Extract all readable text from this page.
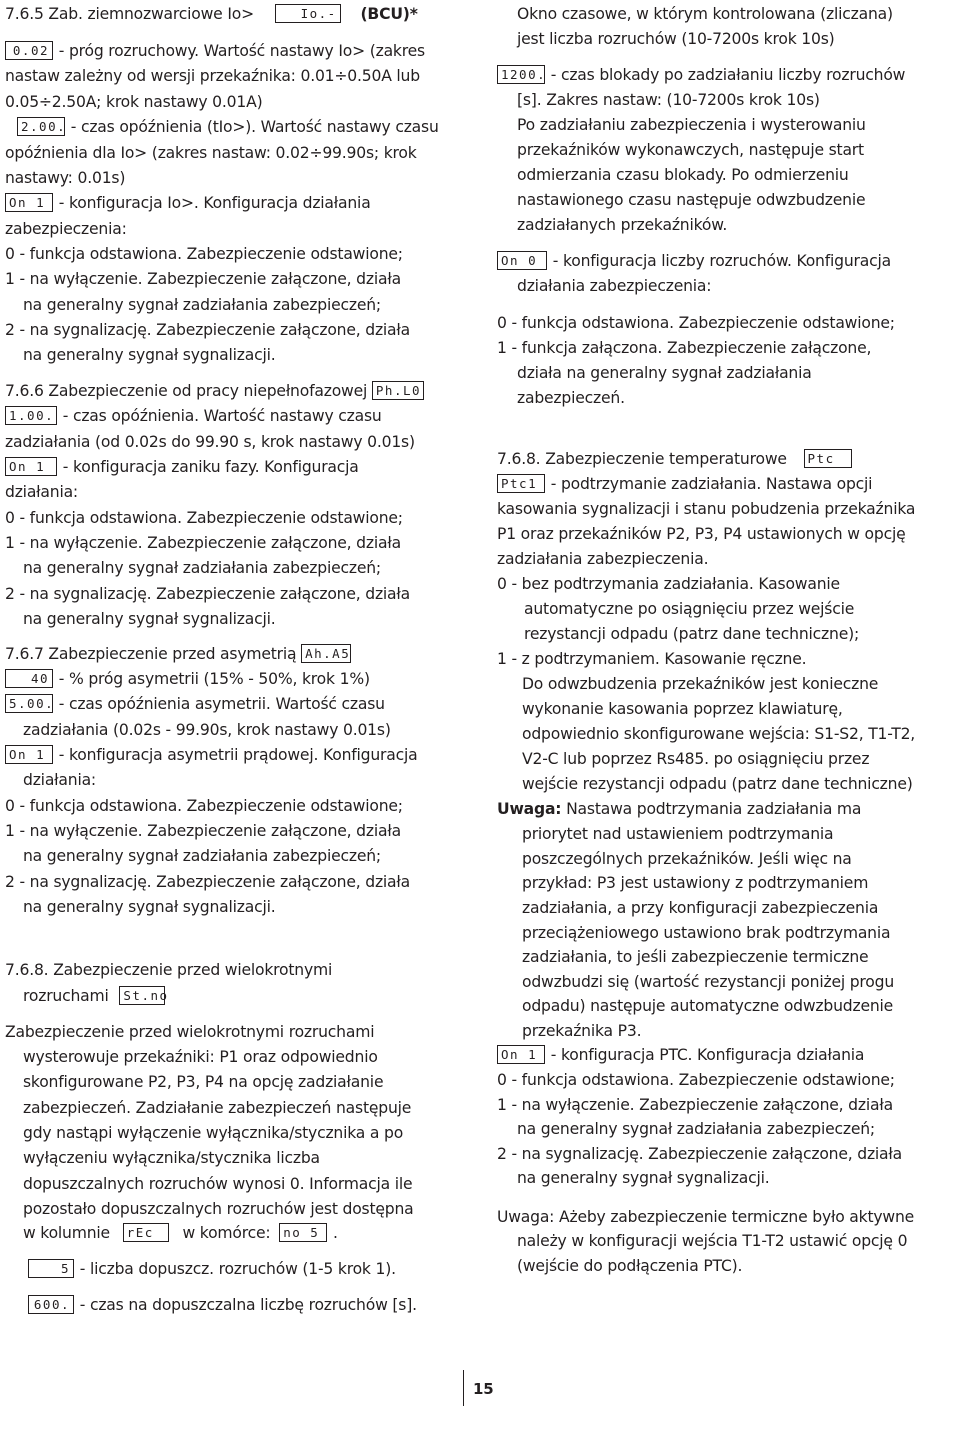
7.6.5 Zab. ziemnozwarciowe Io>	Io.- (BCU)*
0.02 - próg rozruchowy. Wartość nastawy Io> (zakres
nastaw zależny od wersji przekaźnika: 0.01÷0.50A lub
0.05÷2.50A; krok nastawy 0.01A)
2.00. - czas opóźnienia (tIo>). Wartość nastawy czasu
opóźnienia dla Io> (zakres nastaw: 0.02÷99.90s; krok
nastawy: 0.01s)
On 1 - konfiguracja Io>. Konfiguracja działania
zabezpieczenia:
0 - funkcja odstawiona. Zabezpieczenie odstawione;
1 - na wyłączenie. Zabezpieczenie załączone, działa
na generalny sygnał zadziałania zabezpieczeń;
2 - na sygnalizację. Zabezpieczenie załączone, działa
na generalny sygnał sygnalizacji.
7.6.6 Zabezpieczenie od pracy niepełnofazowej Ph.L0
1.00. - czas opóźnienia. Wartość nastawy czasu
zadziałania (od 0.02s do 99.90 s, krok nastawy 0.01s)
On 1 - konfiguracja zaniku fazy. Konfiguracja
działania:
0 - funkcja odstawiona. Zabezpieczenie odstawione;
1 - na wyłączenie. Zabezpieczenie załączone, działa
na generalny sygnał zadziałania zabezpieczeń;
2 - na sygnalizację. Zabezpieczenie załączone, działa
na generalny sygnał sygnalizacji.
7.6.7 Zabezpieczenie przed asymetrią Ah.A5
40 - % próg asymetrii (15% - 50%, krok 1%)
5.00. - czas opóźnienia asymetrii. Wartość czasu
zadziałania (0.02s - 99.90s, krok nastawy 0.01s)
On 1 - konfiguracja asymetrii prądowej. Konfiguracja
działania:
0 - funkcja odstawiona. Zabezpieczenie odstawione;
1 - na wyłączenie. Zabezpieczenie załączone, działa
na generalny sygnał zadziałania zabezpieczeń;
2 - na sygnalizację. Zabezpieczenie załączone, działa
na generalny sygnał sygnalizacji.
7.6.8. Zabezpieczenie przed wielokrotnymi
rozruchami St.no
Zabezpieczenie przed wielokrotnymi rozruchami
wysterowuje przekaźniki: P1 oraz odpowiednio
skonfigurowane P2, P3, P4 na opcję zadziałanie
zabezpieczeń. Zadziałanie zabezpieczeń następuje
gdy nastąpi wyłączenie wyłącznika/stycznika a po
wyłączeniu wyłącznika/stycznika liczba
dopuszczalnych rozruchów wynosi 0. Informacja ile
pozostało dopuszczalnych rozruchów jest dostępna
w kolumnie rEc w komórce: no 5 .
5 - liczba dopuszcz. rozruchów (1-5 krok 1).
600. - czas na dopuszczalna liczbę rozruchów [s].
Okno czasowe, w którym kontrolowana (zliczana)
jest liczba rozruchów (10-7200s krok 10s)
1200. - czas blokady po zadziałaniu liczby rozruchów
[s]. Zakres nastaw: (10-7200s krok 10s)
Po zadziałaniu zabezpieczenia i wysterowaniu
przekaźników wykonawczych, następuje start
odmierzania czasu blokady. Po odmierzeniu
nastawionego czasu następuje odwzbudzenie
zadziałanych przekaźników.
On 0 - konfiguracja liczby rozruchów. Konfiguracja
działania zabezpieczenia:
0 - funkcja odstawiona. Zabezpieczenie odstawione;
1 - funkcja załączona. Zabezpieczenie załączone,
działa na generalny sygnał zadziałania
zabezpieczeń.
7.6.8. Zabezpieczenie temperaturowe Ptc
Ptc1 - podtrzymanie zadziałania. Nastawa opcji
kasowania sygnalizacji i stanu pobudzenia przekaźnika
P1 oraz przekaźników P2, P3, P4 ustawionych w opcję
zadziałania zabezpieczenia.
0 - bez podtrzymania zadziałania. Kasowanie
automatyczne po osiągnięciu przez wejście
rezystancji odpadu (patrz dane techniczne);
1 - z podtrzymaniem. Kasowanie ręczne.
Do odwzbudzenia przekaźników jest konieczne
wykonanie kasowania poprzez klawiaturę,
odpowiednio skonfigurowane wejścia: S1-S2, T1-T2,
V2-C lub poprzez Rs485. po osiągnięciu przez
wejście rezystancji odpadu (patrz dane techniczne)
Uwaga: Nastawa podtrzymania zadziałania ma
priorytet nad ustawieniem podtrzymania
poszczególnych przekaźników. Jeśli więc na
przykład: P3 jest ustawiony z podtrzymaniem
zadziałania, a przy konfiguracji zabezpieczenia
przeciążeniowego ustawiono brak podtrzymania
zadziałania, to jeśli zabezpieczenie termiczne
odwzbudzi się (wartość rezystancji poniżej progu
odpadu) następuje automatyczne odwzbudzenie
przekaźnika P3.
On 1 - konfiguracja PTC. Konfiguracja działania
0 - funkcja odstawiona. Zabezpieczenie odstawione;
1 - na wyłączenie. Zabezpieczenie załączone, działa
na generalny sygnał zadziałania zabezpieczeń;
2 - na sygnalizację. Zabezpieczenie załączone, działa
na generalny sygnał sygnalizacji.
Uwaga: Ażeby zabezpieczenie termiczne było aktywne
należy w konfiguracji wejścia T1-T2 ustawić opcję 0
(wejście do podłączenia PTC).
15
